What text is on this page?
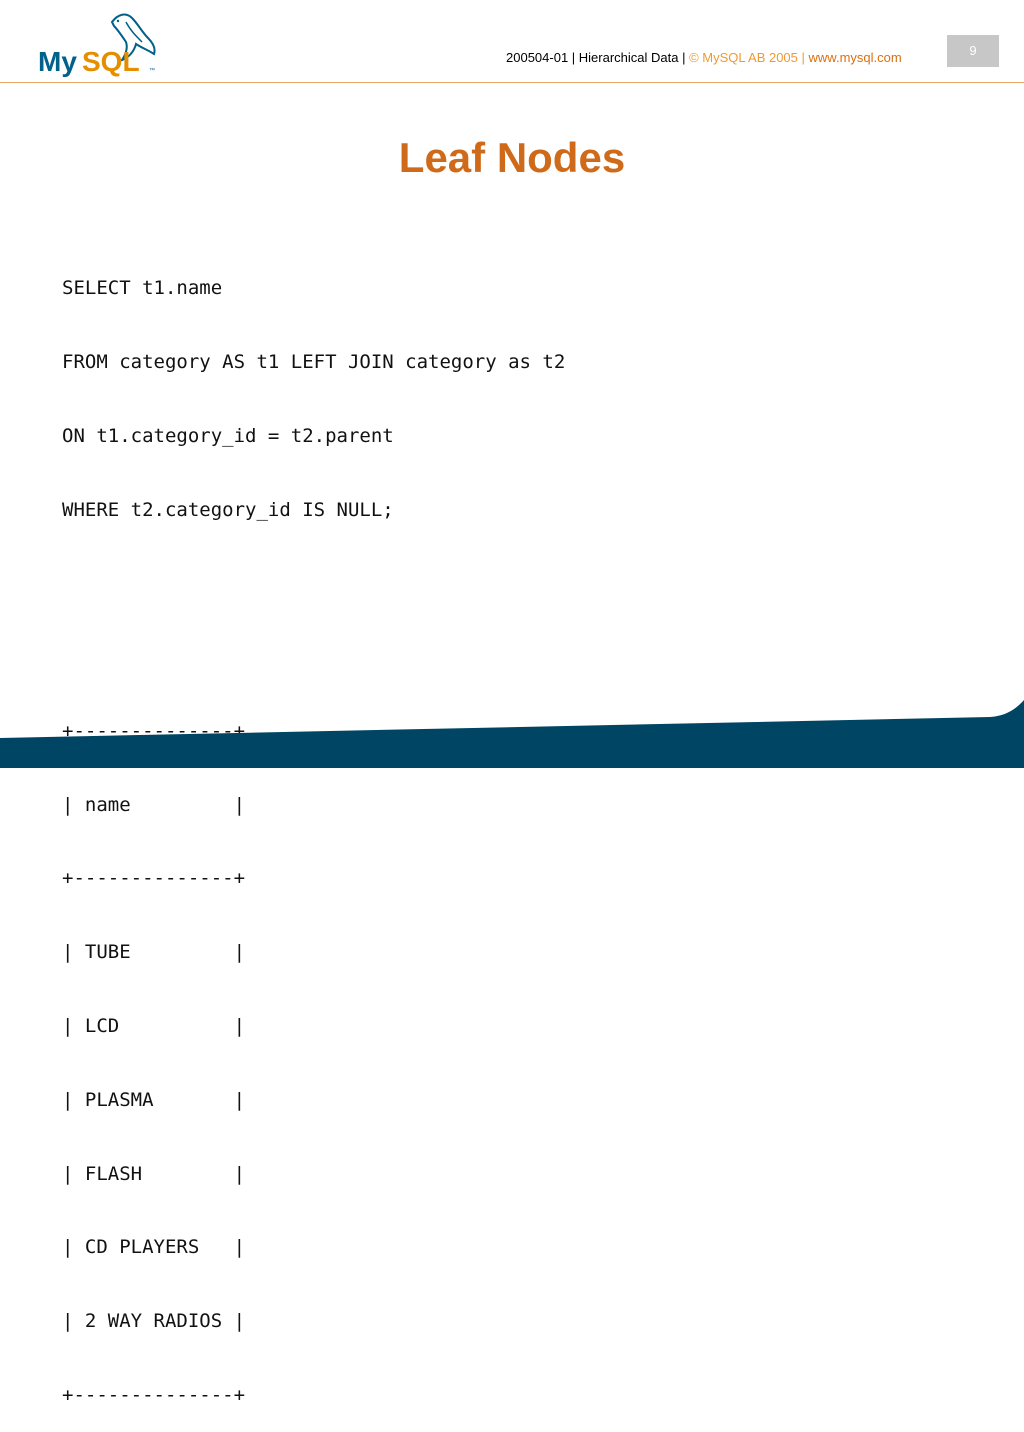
My SQL ™
200504-01 | Hierarchical Data | © MySQL AB 2005 | www.mysql.com	9
Leaf Nodes

SELECT t1.name

FROM category AS t1 LEFT JOIN category as t2

ON t1.category_id = t2.parent

WHERE t2.category_id IS NULL;

+--------------+

| name         |

+--------------+

| TUBE         |

| LCD          |

| PLASMA       |

| FLASH        |

| CD PLAYERS   |

| 2 WAY RADIOS |

+--------------+
